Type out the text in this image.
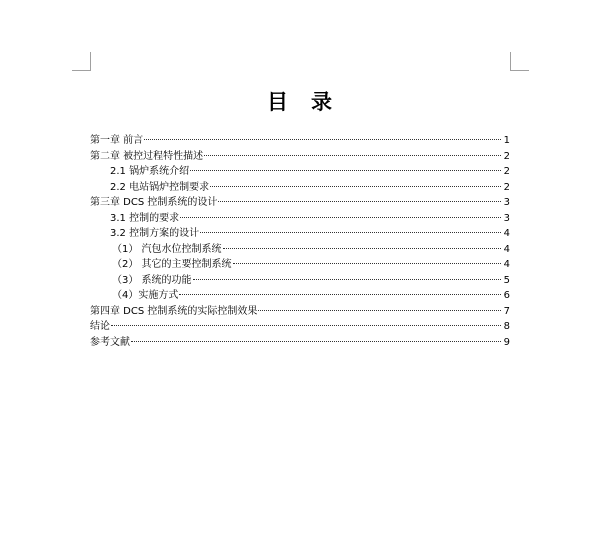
目　录
第一章 前言	1
第二章 被控过程特性描述	2
2.1 锅炉系统介绍	2
2.2 电站锅炉控制要求	2
第三章 DCS 控制系统的设计	3
3.1 控制的要求	3
3.2 控制方案的设计	4
（1） 汽包水位控制系统	4
（2） 其它的主要控制系统	4
（3） 系统的功能	5
（4）实施方式	6
第四章 DCS 控制系统的实际控制效果	7
结论	8
参考文献	9
